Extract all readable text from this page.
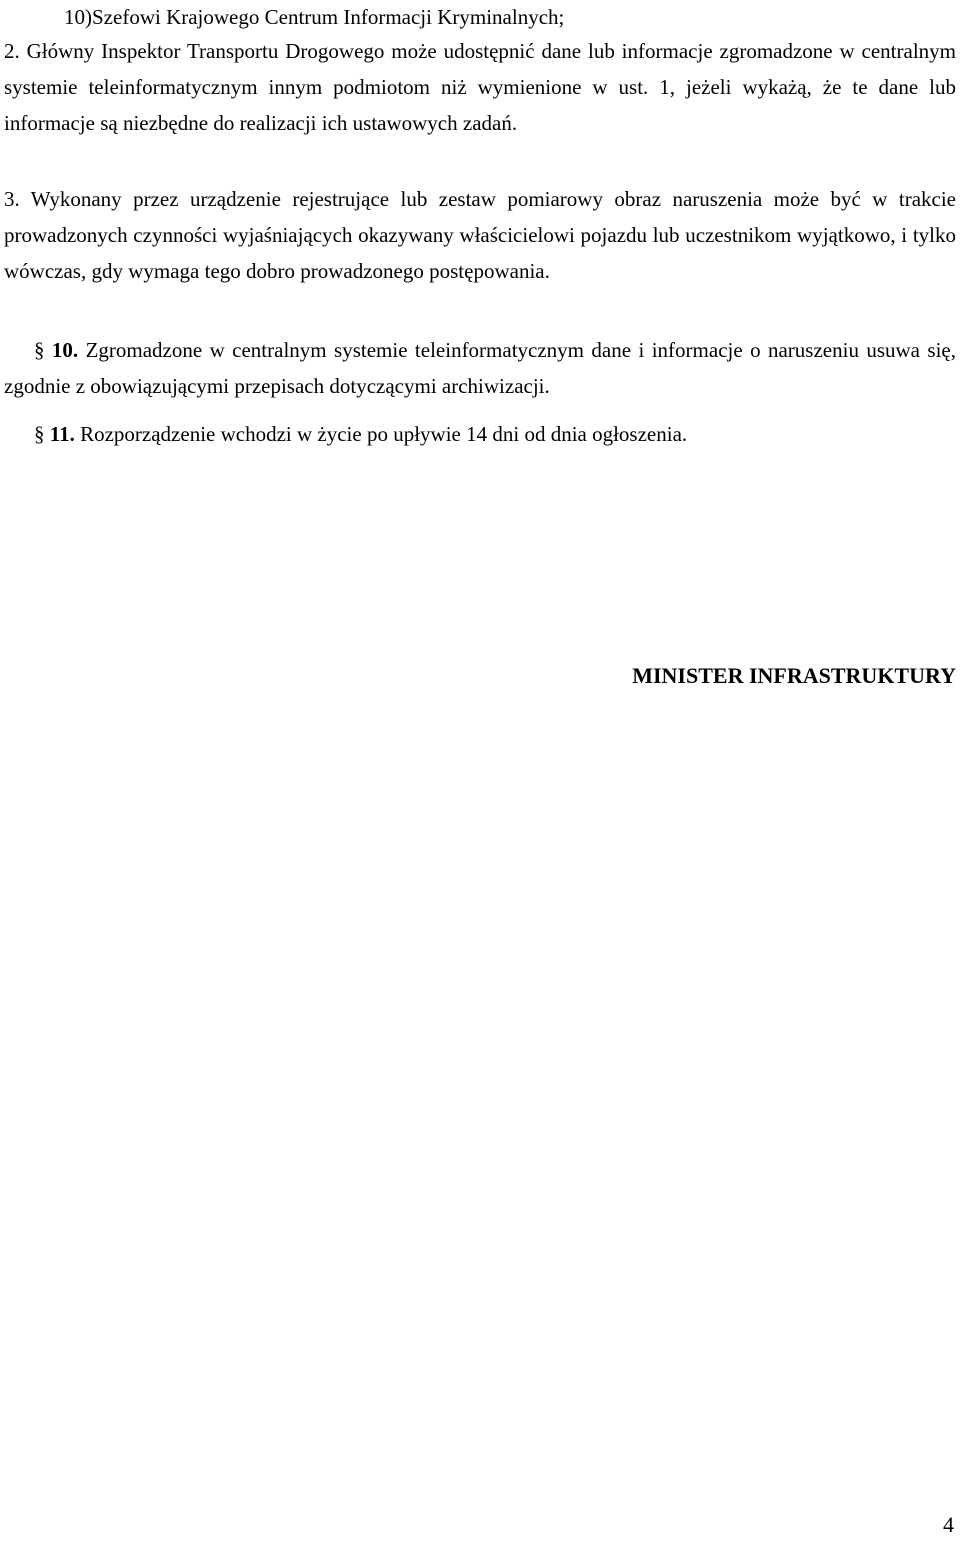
10)Szefowi Krajowego Centrum Informacji Kryminalnych;
2. Główny Inspektor Transportu Drogowego może udostępnić dane lub informacje zgromadzone w centralnym systemie teleinformatycznym innym podmiotom niż wymienione w ust. 1, jeżeli wykażą, że te dane lub informacje są niezbędne do realizacji ich ustawowych zadań.
3. Wykonany przez urządzenie rejestrujące lub zestaw pomiarowy obraz naruszenia może być w trakcie prowadzonych czynności wyjaśniających okazywany właścicielowi pojazdu lub uczestnikom wyjątkowo, i tylko wówczas, gdy wymaga tego dobro prowadzonego postępowania.
§ 10. Zgromadzone w centralnym systemie teleinformatycznym dane i informacje o naruszeniu usuwa się, zgodnie z obowiązującymi przepisach dotyczącymi archiwizacji.
§ 11. Rozporządzenie wchodzi w życie po upływie 14 dni od dnia ogłoszenia.
MINISTER INFRASTRUKTURY
4
